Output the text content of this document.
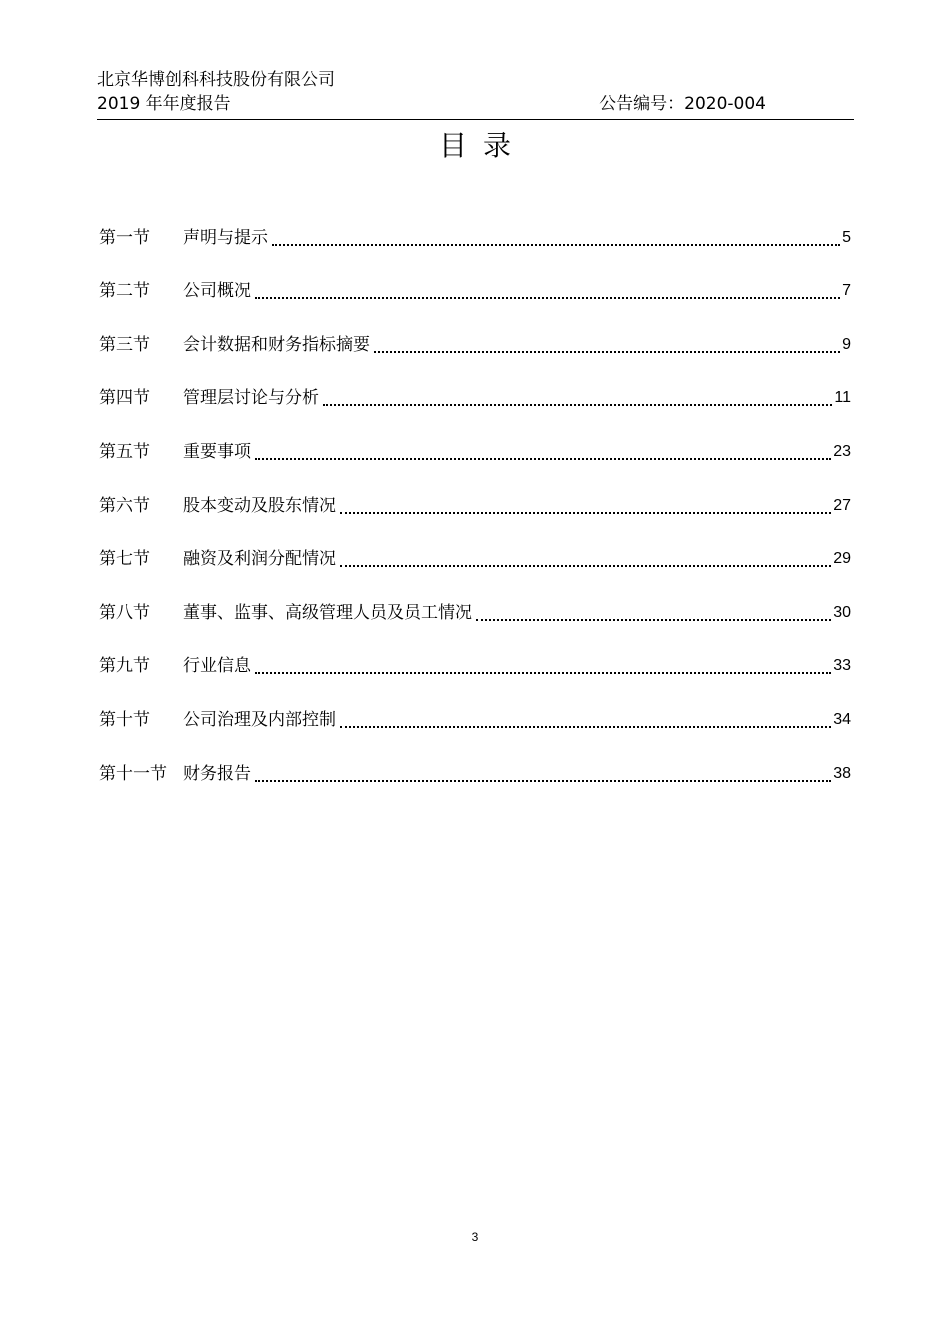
北京华博创科科技股份有限公司
2019 年年度报告	公告编号：2020-004
目录
第一节	声明与提示	5
第二节	公司概况	7
第三节	会计数据和财务指标摘要	9
第四节	管理层讨论与分析	11
第五节	重要事项	23
第六节	股本变动及股东情况	27
第七节	融资及利润分配情况	29
第八节	董事、监事、高级管理人员及员工情况	30
第九节	行业信息	33
第十节	公司治理及内部控制	34
第十一节 财务报告	38
3
